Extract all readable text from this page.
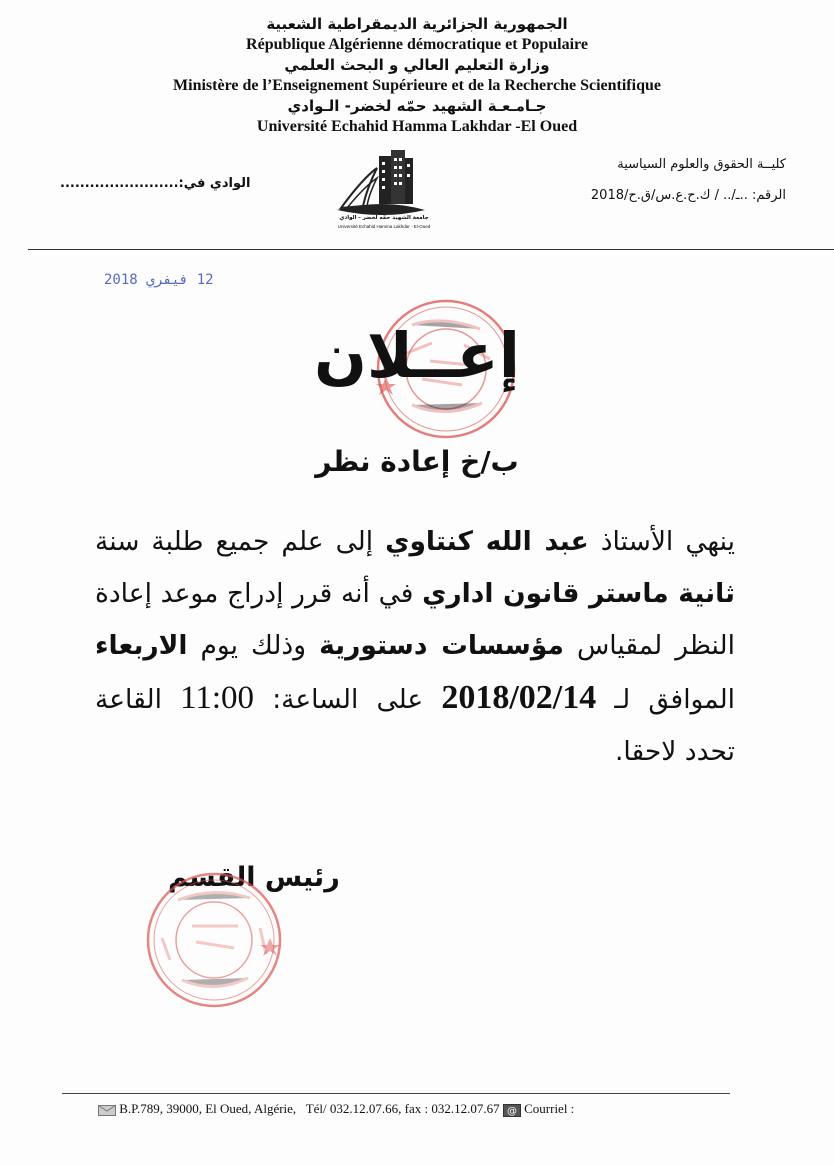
الجمهورية الجزائرية الديمقراطية الشعبية
République Algérienne démocratique et Populaire
وزارة التعليم العالي و البحث العلمي
Ministère de l’Enseignement Supérieure et de la Recherche Scientifique
جـامـعـة الشهيد حمّه لخضر- الـوادي
Université Echahid Hamma Lakhdar -El Oued
كليــة الحقوق والعلوم السياسية
الرقم: ..ـ/.. / ك.ح.ع.س/ق.ح/2018
الوادي في:........................
جامعة الشهيد حمّه لخضر - الوادي
Université Echahid Hamma Lakhdar - El-Oued
12 فيفري 2018
إعــلان
ب/خ إعادة نظر
ينهي الأستاذ عبد الله كنتاوي إلى علم جميع طلبة سنة ثانية ماستر قانون اداري في أنه قرر إدراج موعد إعادة النظر لمقياس مؤسسات دستورية وذلك يوم الاربعاء الموافق لـ 2018/02/14 على الساعة: 11:00 القاعة تحدد لاحقا.
رئيس القسم
B.P.789, 39000, El Oued, Algérie, Tél/ 032.12.07.66, fax : 032.12.07.67 @ Courriel :
